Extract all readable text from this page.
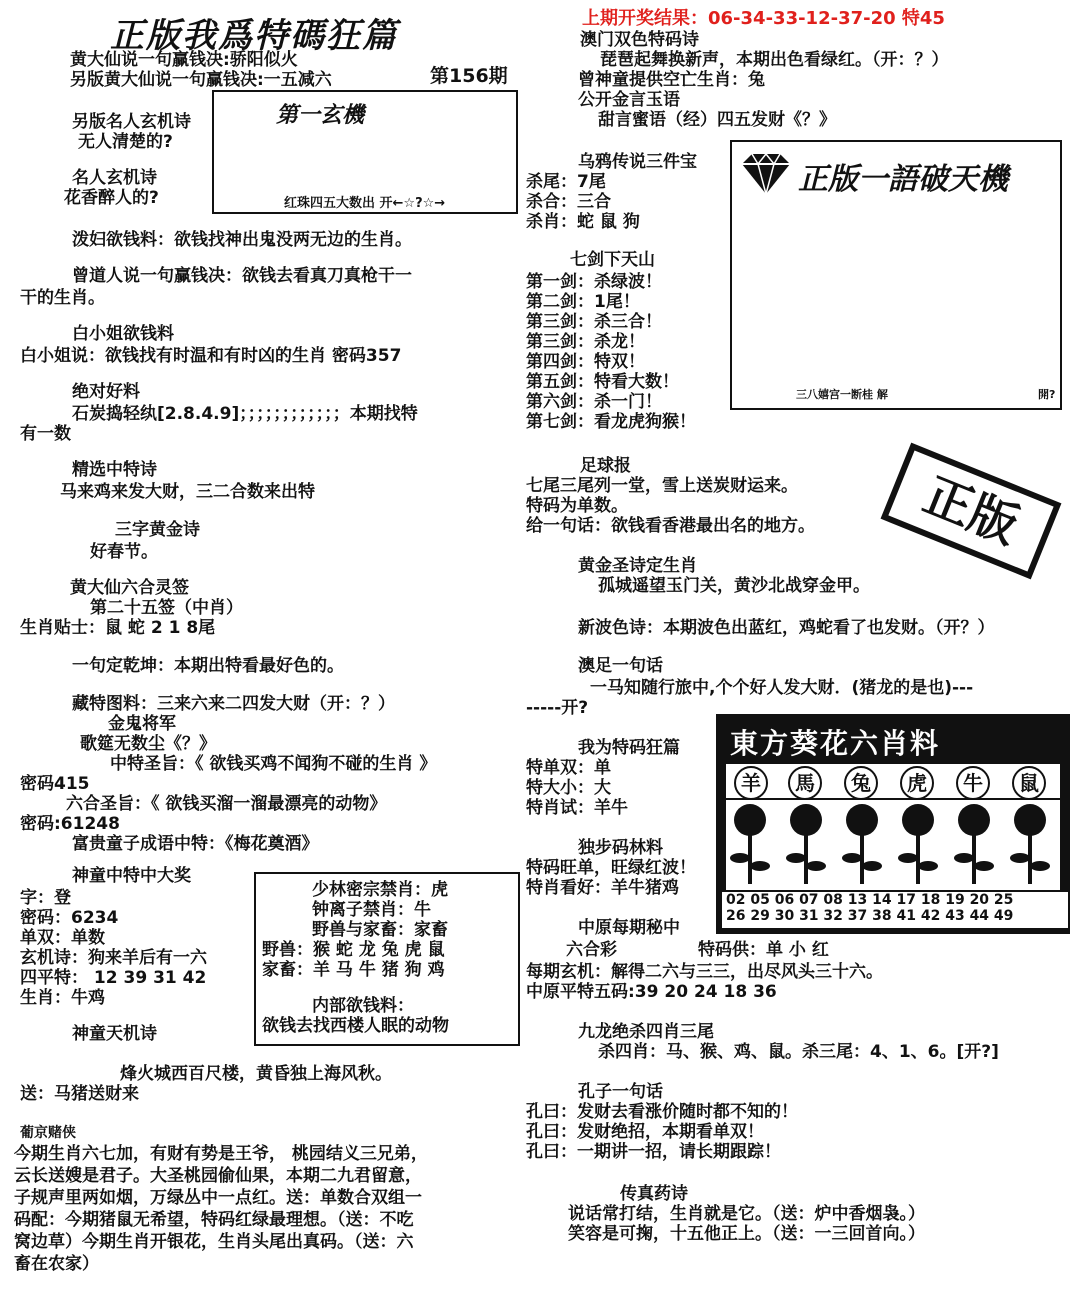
正版我爲特碼狂篇	上期开奖结果：06-34-33-12-37-20 特45
第156期
黄大仙说一句赢钱决:骄阳似火
另版黄大仙说一句赢钱决:一五减六
第一玄機
红珠四五大数出 开←☆?☆→
另版名人玄机诗
无人清楚的?
名人玄机诗
花香醉人的?
泼妇欲钱料：欲钱找神出鬼没两无边的生肖。
曾道人说一句赢钱决：欲钱去看真刀真枪干一
干的生肖。
白小姐欲钱料
白小姐说：欲钱找有时温和有时凶的生肖 密码357
绝对好料
石炭捣轻纨[2.8.4.9]；；；；；；；；；；；；本期找特
有一数
精选中特诗
马来鸡来发大财，三二合数来出特
三字黄金诗
好春节。
黄大仙六合灵签
第二十五签（中肖）
生肖贴士：鼠 蛇 2 1 8尾
一句定乾坤：本期出特看最好色的。
藏特图料：三来六来二四发大财（开：？）
金鬼将军
歌筵无数尘《？》
中特圣旨：《 欲钱买鸡不闻狗不碰的生肖 》
密码415
六合圣旨：《 欲钱买溜一溜最漂亮的动物》
密码:61248
富贵童子成语中特：《梅花奠酒》
神童中特中大奖
字：登
密码：6234
单双：单数
玄机诗：狗来羊后有一六
四平特： 12 39 31 42
生肖：牛鸡
少林密宗禁肖：虎
钟离子禁肖：牛
野兽与家畜：家畜
野兽：猴 蛇 龙 兔 虎 鼠
家畜：羊 马 牛 猪 狗 鸡
内部欲钱料：
欲钱去找西楼人眠的动物
神童天机诗
烽火城西百尺楼，黄昏独上海风秋。
送：马猪送财来
葡京赌侠
今期生肖六七加，有财有势是王爷， 桃园结义三兄弟，
云长送嫂是君子。大圣桃园偷仙果，本期二九君留意，
子规声里两如烟，万绿丛中一点红。送：单数合双组一
码配：今期猪鼠无希望，特码红绿最理想。（送：不吃
窝边草）今期生肖开银花，生肖头尾出真码。（送：六
畜在农家）
澳门双色特码诗
琵琶起舞换新声，本期出色看绿红。（开：？）
曾神童提供空亡生肖：兔
公开金言玉语
甜言蜜语（经）四五发财《？》
乌鸦传说三件宝
杀尾：7尾
杀合：三合
杀肖：蛇 鼠 狗
正版一語破天機
三八嬉宫一断桂 解	開?
七剑下天山
第一剑：杀绿波！
第二剑：1尾！
第三剑：杀三合！
第三剑：杀龙！
第四剑：特双！
第五剑：特看大数！
第六剑：杀一门！
第七剑：看龙虎狗猴！
足球报
七尾三尾列一堂，雪上送炭财运来。
特码为单数。
给一句话：欲钱看香港最出名的地方。	正版
黄金圣诗定生肖
孤城遥望玉门关，黄沙北战穿金甲。
新波色诗：本期波色出蓝红，鸡蛇看了也发财。（开？）
澳足一句话
一马知随行旅中,个个好人发大财．(猪龙的是也)---
-----开?
我为特码狂篇
特单双：单
特大小：大
特肖试：羊牛
独步码林料
特码旺单，旺绿红波！
特肖看好：羊牛猪鸡
東方葵花六肖料
羊	馬	兔	虎	牛	鼠
02 05 06 07 08 13 14 17 18 19 20 25
26 29 30 31 32 37 38 41 42 43 44 49
中原每期秘中
六合彩	特码供：单 小 红
每期玄机：解得二六与三三，出尽风头三十六。
中原平特五码:39 20 24 18 36
九龙绝杀四肖三尾
杀四肖：马、猴、鸡、鼠。杀三尾：4、1、6。[开?]
孔子一句话
孔曰：发财去看涨价随时都不知的！
孔曰：发财绝招，本期看单双！
孔曰：一期讲一招，请长期跟踪！
传真药诗
说话常打结，生肖就是它。（送：炉中香烟袅。）
笑容是可掬，十五他正上。（送：一三回首向。）
